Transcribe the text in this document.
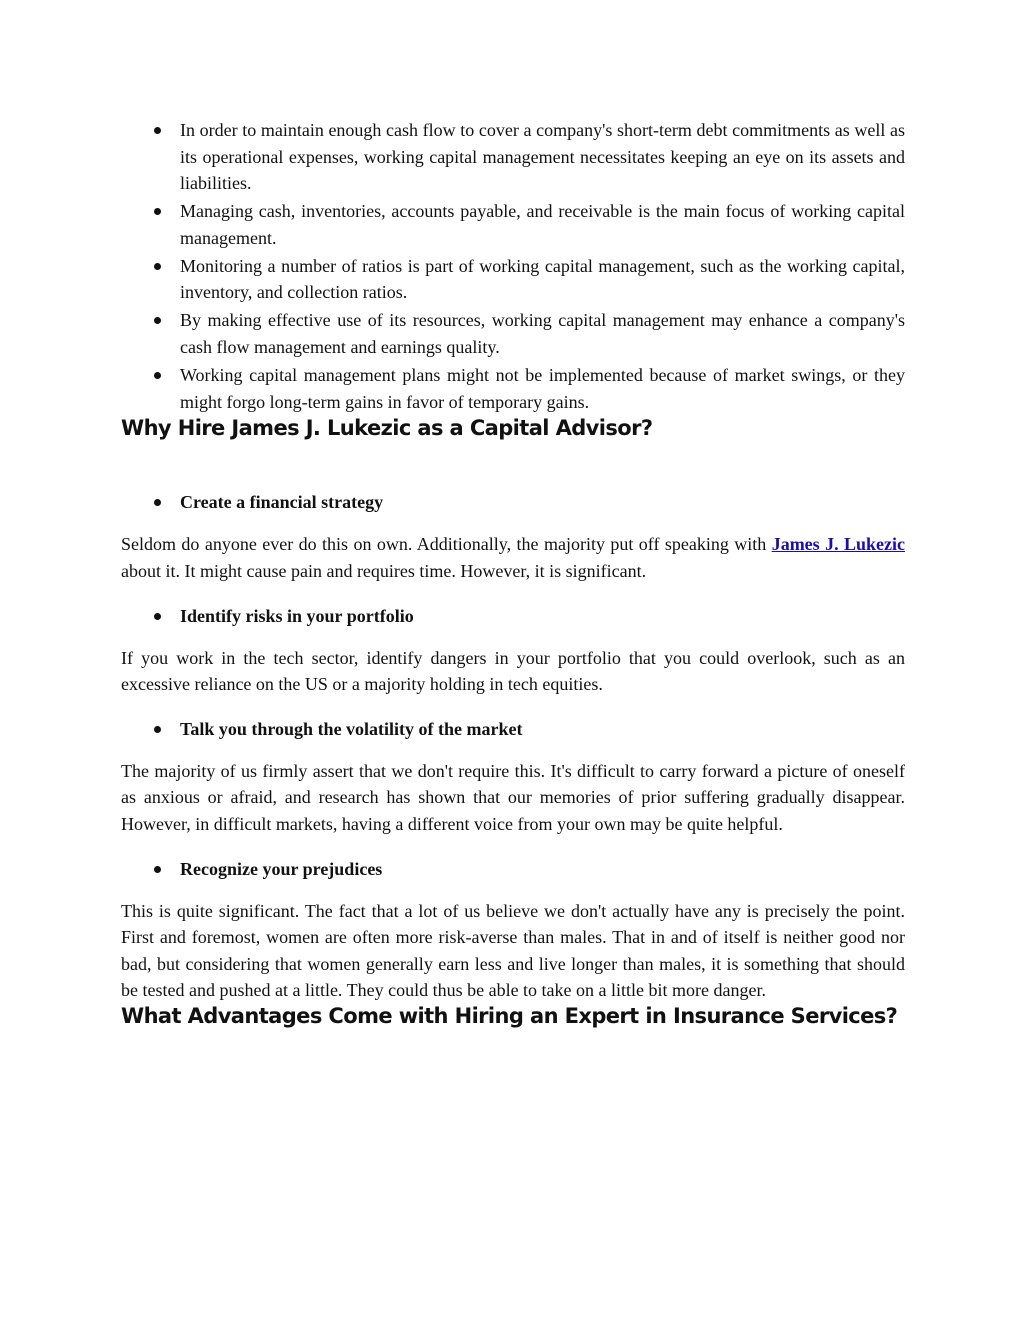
In order to maintain enough cash flow to cover a company's short-term debt commitments as well as its operational expenses, working capital management necessitates keeping an eye on its assets and liabilities.
Managing cash, inventories, accounts payable, and receivable is the main focus of working capital management.
Monitoring a number of ratios is part of working capital management, such as the working capital, inventory, and collection ratios.
By making effective use of its resources, working capital management may enhance a company's cash flow management and earnings quality.
Working capital management plans might not be implemented because of market swings, or they might forgo long-term gains in favor of temporary gains.
Why Hire James J. Lukezic as a Capital Advisor?
Create a financial strategy

Seldom do anyone ever do this on own. Additionally, the majority put off speaking with James J. Lukezic about it. It might cause pain and requires time. However, it is significant.

Identify risks in your portfolio

If you work in the tech sector, identify dangers in your portfolio that you could overlook, such as an excessive reliance on the US or a majority holding in tech equities.

Talk you through the volatility of the market

The majority of us firmly assert that we don't require this. It's difficult to carry forward a picture of oneself as anxious or afraid, and research has shown that our memories of prior suffering gradually disappear. However, in difficult markets, having a different voice from your own may be quite helpful.

Recognize your prejudices

This is quite significant. The fact that a lot of us believe we don't actually have any is precisely the point. First and foremost, women are often more risk-averse than males. That in and of itself is neither good nor bad, but considering that women generally earn less and live longer than males, it is something that should be tested and pushed at a little. They could thus be able to take on a little bit more danger.

What Advantages Come with Hiring an Expert in Insurance Services?
